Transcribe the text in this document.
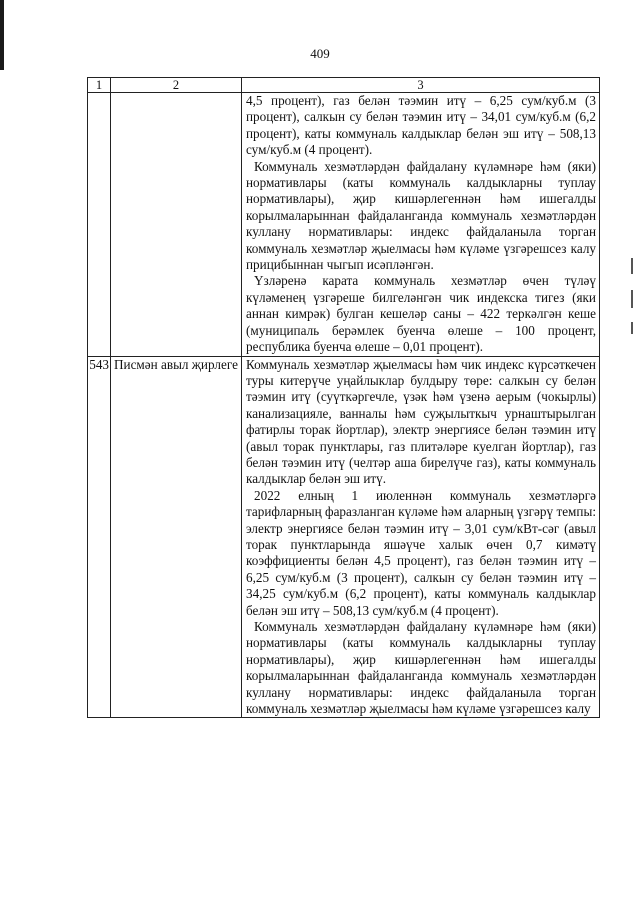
409
1	2	3

		4,5 процент), газ белән тәэмин итү – 6,25 сум/куб.м (3 процент), салкын су белән тәэмин итү – 34,01 сум/куб.м (6,2 процент), каты коммуналь калдыклар белән эш итү – 508,13 сум/куб.м (4 процент).

Коммуналь хезмәтләрдән файдалану күләмнәре һәм (яки) нормативлары (каты коммуналь калдыкларны туплау нормативлары), җир кишәрлегеннән һәм ишегалды корылмаларыннан файдаланганда коммуналь хезмәтләрдән куллану нормативлары: индекс файдаланыла торган коммуналь хезмәтләр җыелмасы һәм күләме үзгәрешсез калу прицибыннан чыгып исәпләнгән.

Үзләренә карата коммуналь хезмәтләр өчен түләү күләменең үзгәреше билгеләнгән чик индекска тигез (яки аннан кимрәк) булган кешеләр саны – 422 теркәлгән кеше (муниципаль берәмлек буенча өлеше – 100 процент, республика буенча өлеше – 0,01 процент).

543	Писмән авыл җирлеге	Коммуналь хезмәтләр җыелмасы һәм чик индекс күрсәткечен туры китерүче уңайлыклар булдыру төре: салкын су белән тәэмин итү (суүткәргечле, үзәк һәм үзенә аерым (чокырлы) канализацияле, ванналы һәм суҗылыткыч урнаштырылган фатирлы торак йортлар), электр энергиясе белән тәэмин итү (авыл торак пунктлары, газ плитәләре куелган йортлар), газ белән тәэмин итү (челтәр аша бирелүче газ), каты коммуналь калдыклар белән эш итү.

2022 елның 1 июленнән коммуналь хезмәтләргә тарифларның фаразланган күләме һәм аларның үзгәрү темпы: электр энергиясе белән тәэмин итү – 3,01 сум/кВт-сәг (авыл торак пунктларында яшәүче халык өчен 0,7 кимәтү коэффициенты белән 4,5 процент), газ белән тәэмин итү – 6,25 сум/куб.м (3 процент), салкын су белән тәэмин итү – 34,25 сум/куб.м (6,2 процент), каты коммуналь калдыклар белән эш итү – 508,13 сум/куб.м (4 процент).

Коммуналь хезмәтләрдән файдалану күләмнәре һәм (яки) нормативлары (каты коммуналь калдыкларны туплау нормативлары), җир кишәрлегеннән һәм ишегалды корылмаларыннан файдаланганда коммуналь хезмәтләрдән куллану нормативлары: индекс файдаланыла торган коммуналь хезмәтләр җыелмасы һәм күләме үзгәрешсез калу
